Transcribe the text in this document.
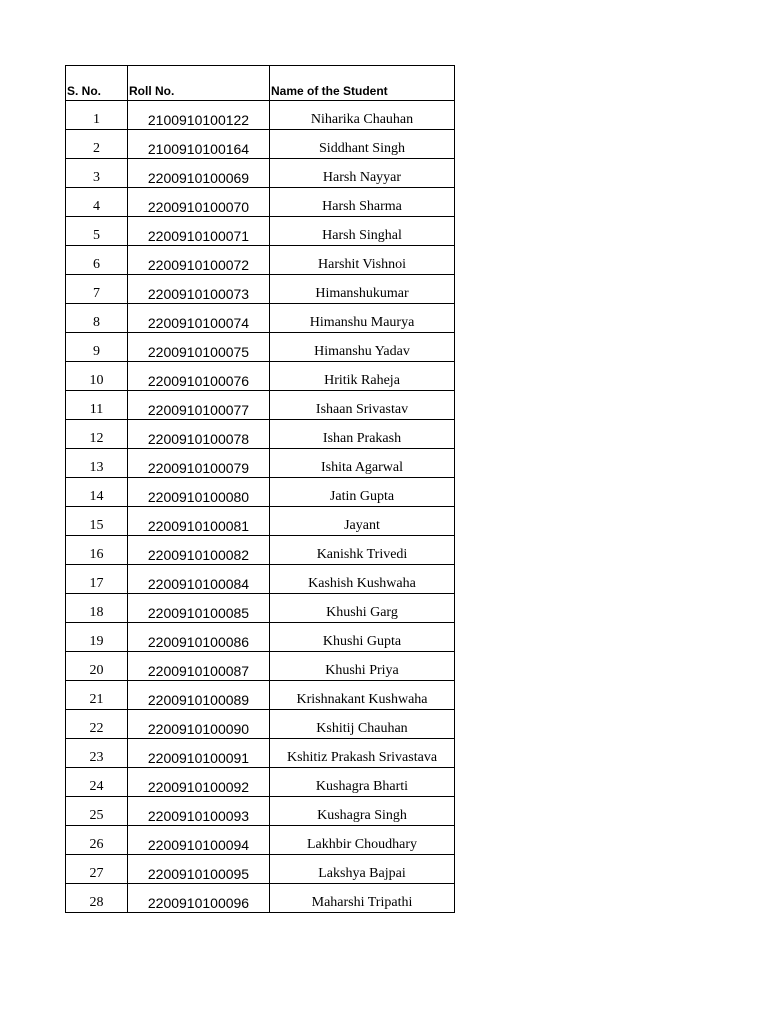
S. No.	Roll No.	Name of the Student
1	2100910100122	Niharika Chauhan
2	2100910100164	Siddhant Singh
3	2200910100069	Harsh Nayyar
4	2200910100070	Harsh Sharma
5	2200910100071	Harsh Singhal
6	2200910100072	Harshit Vishnoi
7	2200910100073	Himanshukumar
8	2200910100074	Himanshu Maurya
9	2200910100075	Himanshu Yadav
10	2200910100076	Hritik Raheja
11	2200910100077	Ishaan Srivastav
12	2200910100078	Ishan Prakash
13	2200910100079	Ishita Agarwal
14	2200910100080	Jatin Gupta
15	2200910100081	Jayant
16	2200910100082	Kanishk Trivedi
17	2200910100084	Kashish Kushwaha
18	2200910100085	Khushi Garg
19	2200910100086	Khushi Gupta
20	2200910100087	Khushi Priya
21	2200910100089	Krishnakant Kushwaha
22	2200910100090	Kshitij Chauhan
23	2200910100091	Kshitiz Prakash Srivastava
24	2200910100092	Kushagra Bharti
25	2200910100093	Kushagra Singh
26	2200910100094	Lakhbir Choudhary
27	2200910100095	Lakshya Bajpai
28	2200910100096	Maharshi Tripathi
